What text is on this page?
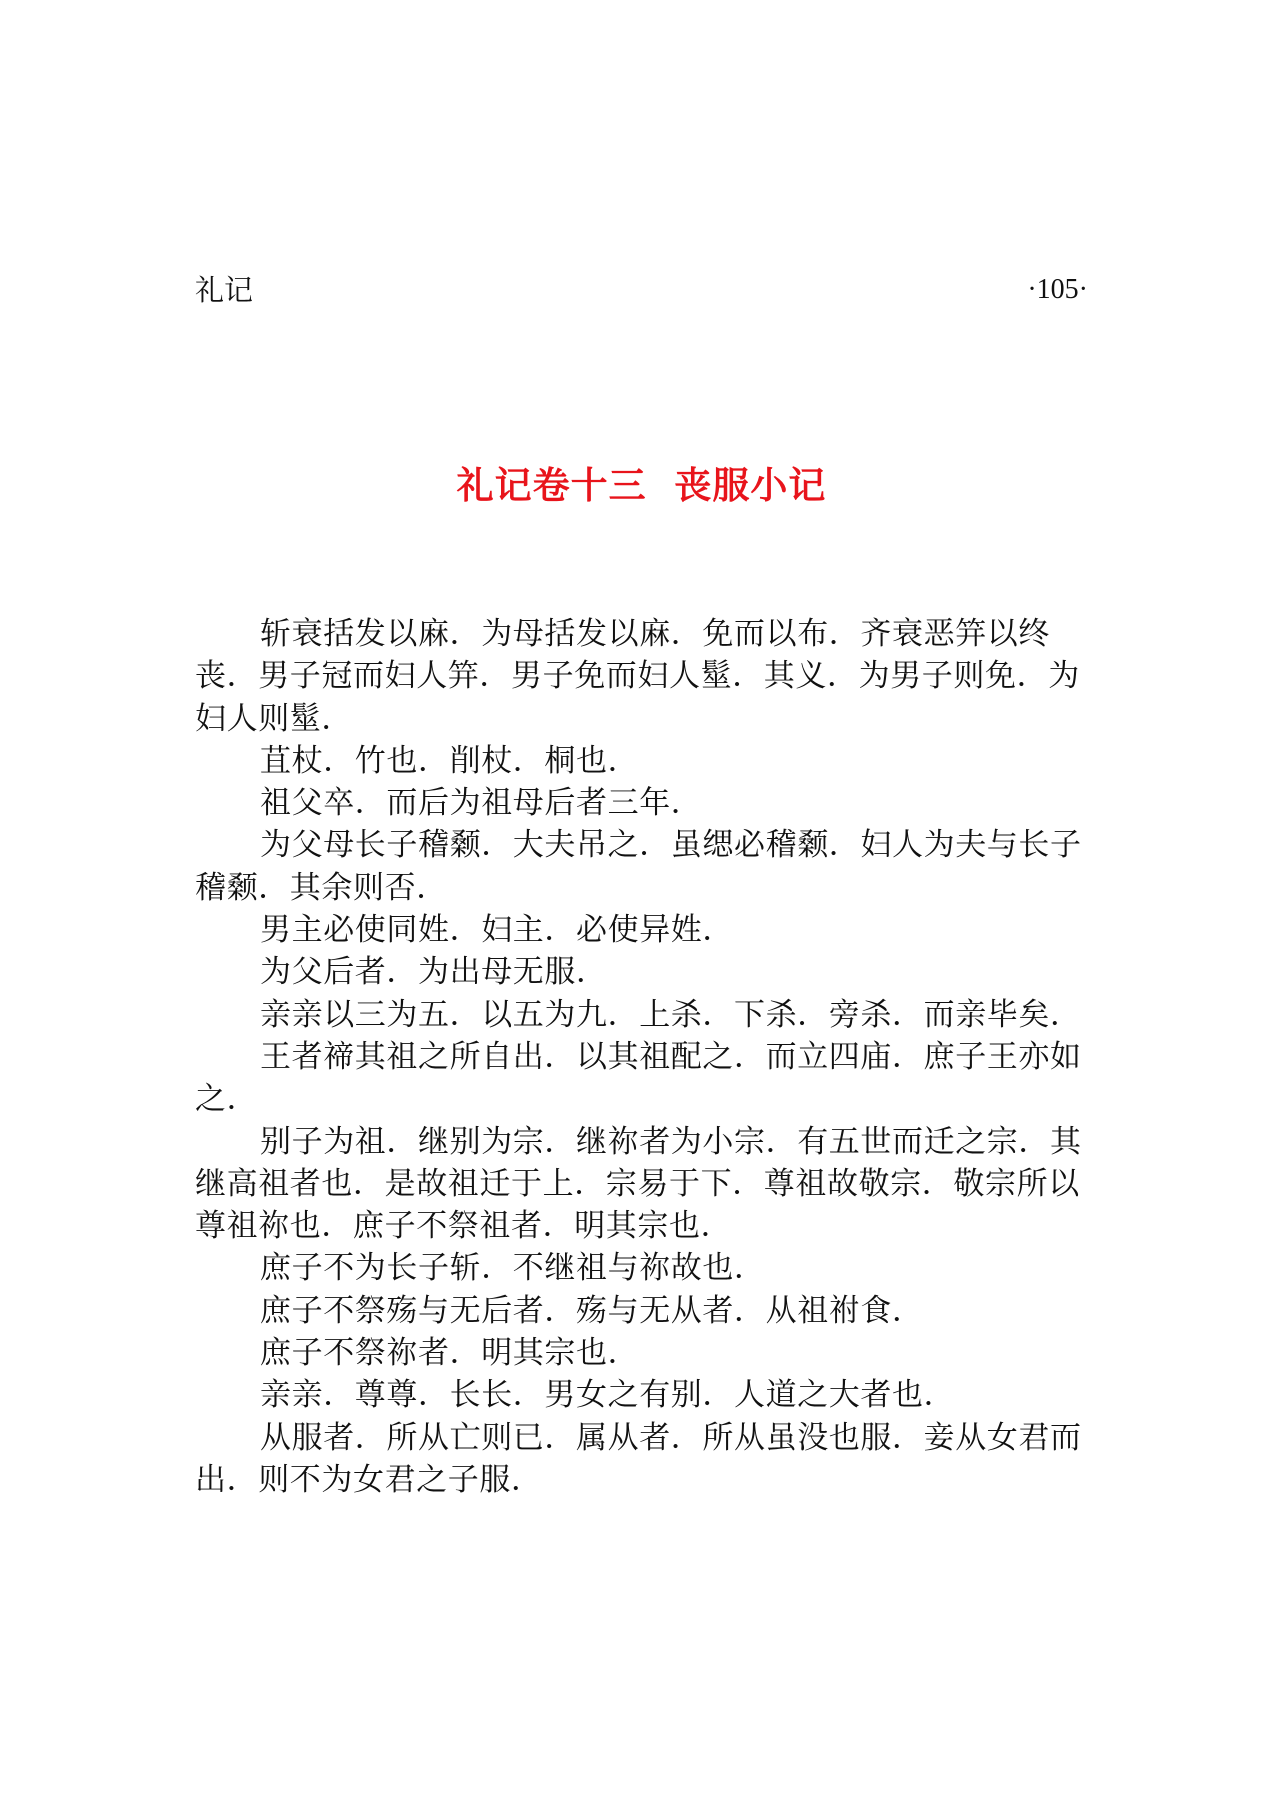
礼记	·105·
礼记卷十三  丧服小记

斩衰括发以麻．为母括发以麻．免而以布．齐衰恶笄以终丧．男子冠而妇人笄．男子免而妇人髽．其义．为男子则免．为妇人则髽．

苴杖．竹也．削杖．桐也．

祖父卒．而后为祖母后者三年．

为父母长子稽颡．大夫吊之．虽缌必稽颡．妇人为夫与长子稽颡．其余则否．

男主必使同姓．妇主．必使异姓．

为父后者．为出母无服．

亲亲以三为五．以五为九．上杀．下杀．旁杀．而亲毕矣．

王者禘其祖之所自出．以其祖配之．而立四庙．庶子王亦如之．

别子为祖．继别为宗．继祢者为小宗．有五世而迁之宗．其继高祖者也．是故祖迁于上．宗易于下．尊祖故敬宗．敬宗所以尊祖祢也．庶子不祭祖者．明其宗也．

庶子不为长子斩．不继祖与祢故也．

庶子不祭殇与无后者．殇与无从者．从祖祔食．

庶子不祭祢者．明其宗也．

亲亲．尊尊．长长．男女之有别．人道之大者也．

从服者．所从亡则已．属从者．所从虽没也服．妾从女君而出．则不为女君之子服．
